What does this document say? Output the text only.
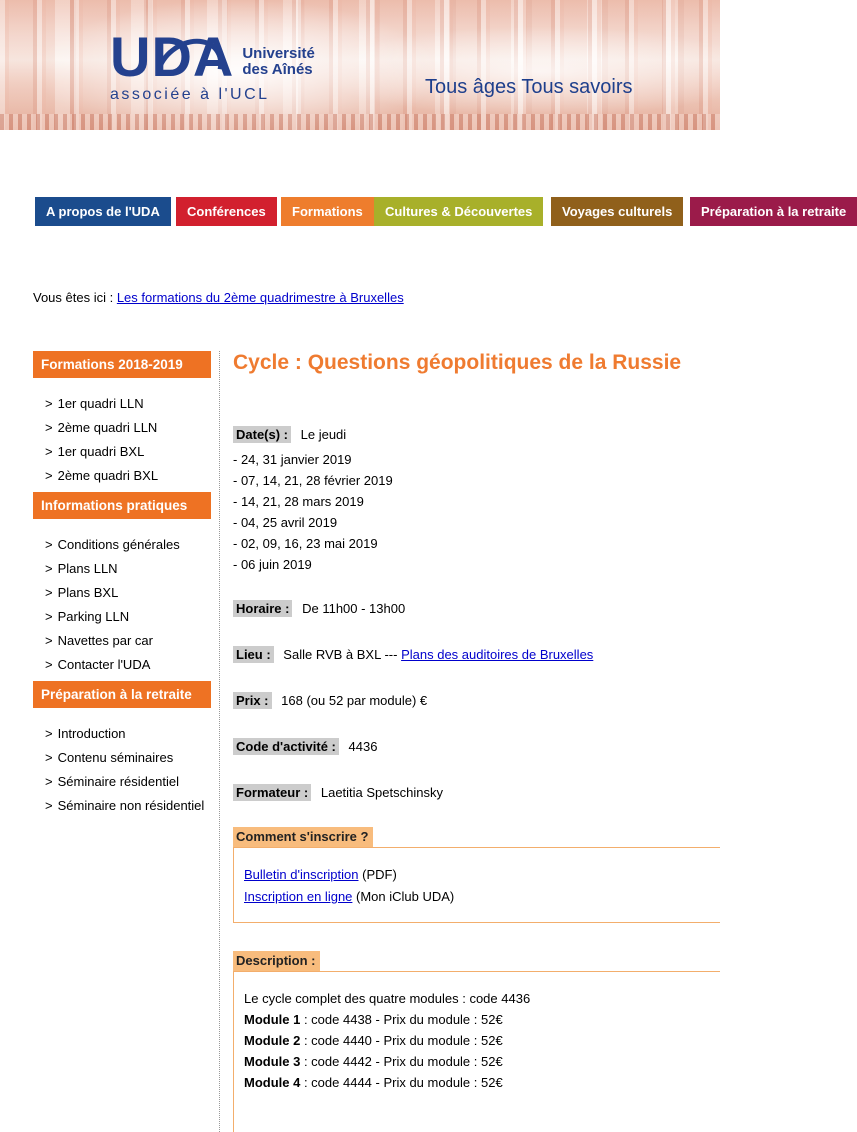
UDA Université
des Aînés
associée à l'UCL	Tous âges Tous savoirs
A propos de l'UDA	Conférences	Formations	Cultures & Découvertes	Voyages culturels	Préparation à la retraite
Vous êtes ici : Les formations du 2ème quadrimestre à Bruxelles
Formations 2018-2019
> 1er quadri LLN
> 2ème quadri LLN
> 1er quadri BXL
> 2ème quadri BXL
Informations pratiques
> Conditions générales
> Plans LLN
> Plans BXL
> Parking LLN
> Navettes par car
> Contacter l'UDA
Préparation à la retraite
> Introduction
> Contenu séminaires
> Séminaire résidentiel
> Séminaire non résidentiel
Cycle : Questions géopolitiques de la Russie
Date(s) : Le jeudi
- 24, 31 janvier 2019
- 07, 14, 21, 28 février 2019
- 14, 21, 28 mars 2019
- 04, 25 avril 2019
- 02, 09, 16, 23 mai 2019
- 06 juin 2019
Horaire : De 11h00 - 13h00
Lieu : Salle RVB à BXL --- Plans des auditoires de Bruxelles
Prix : 168 (ou 52 par module) €
Code d'activité : 4436
Formateur : Laetitia Spetschinsky
Comment s'inscrire ?
Bulletin d'inscription (PDF)
Inscription en ligne (Mon iClub UDA)
Description :
Le cycle complet des quatre modules : code 4436
Module 1 : code 4438 - Prix du module : 52€
Module 2 : code 4440 - Prix du module : 52€
Module 3 : code 4442 - Prix du module : 52€
Module 4 : code 4444 - Prix du module : 52€
